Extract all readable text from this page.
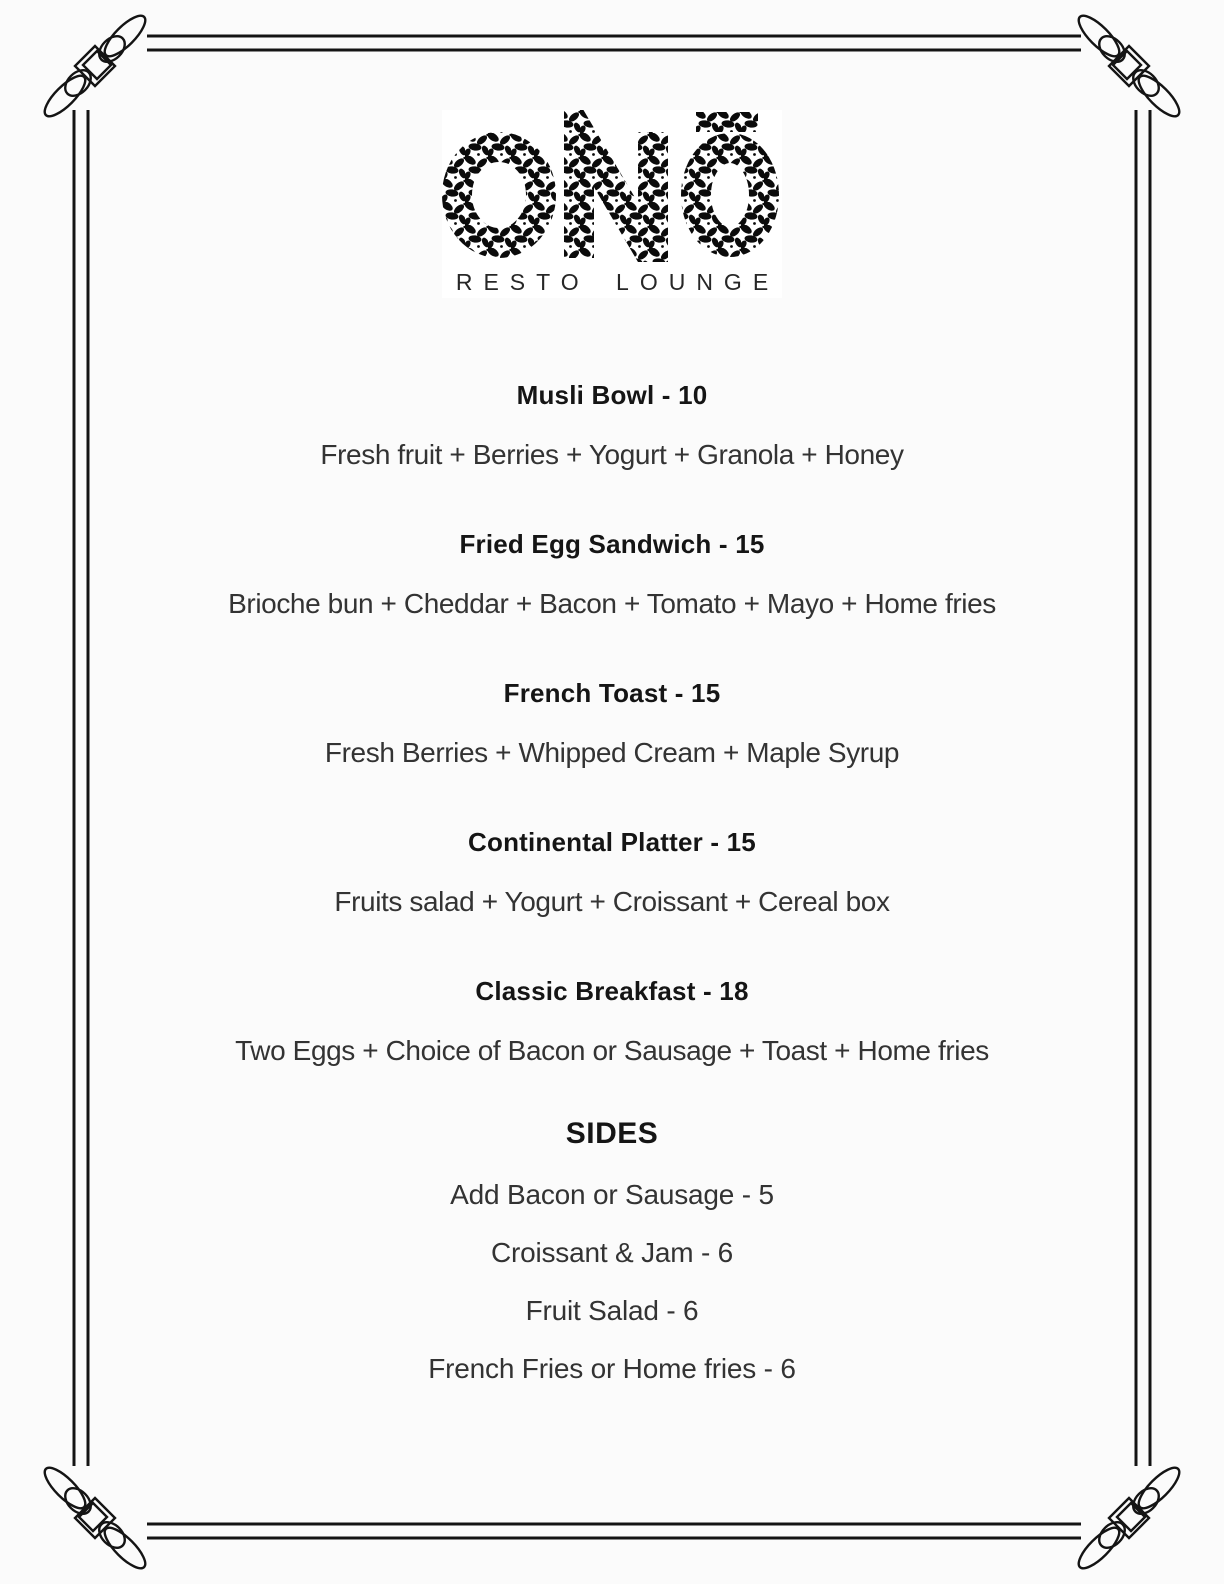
RESTO LOUNGE
Musli Bowl - 10

Fresh fruit + Berries + Yogurt + Granola + Honey

Fried Egg Sandwich - 15

Brioche bun + Cheddar + Bacon + Tomato + Mayo + Home fries

French Toast - 15

Fresh Berries + Whipped Cream + Maple Syrup

Continental Platter - 15

Fruits salad + Yogurt + Croissant + Cereal box

Classic Breakfast - 18

Two Eggs + Choice of Bacon or Sausage + Toast + Home fries

SIDES

Add Bacon or Sausage - 5

Croissant & Jam - 6

Fruit Salad - 6

French Fries or Home fries - 6
